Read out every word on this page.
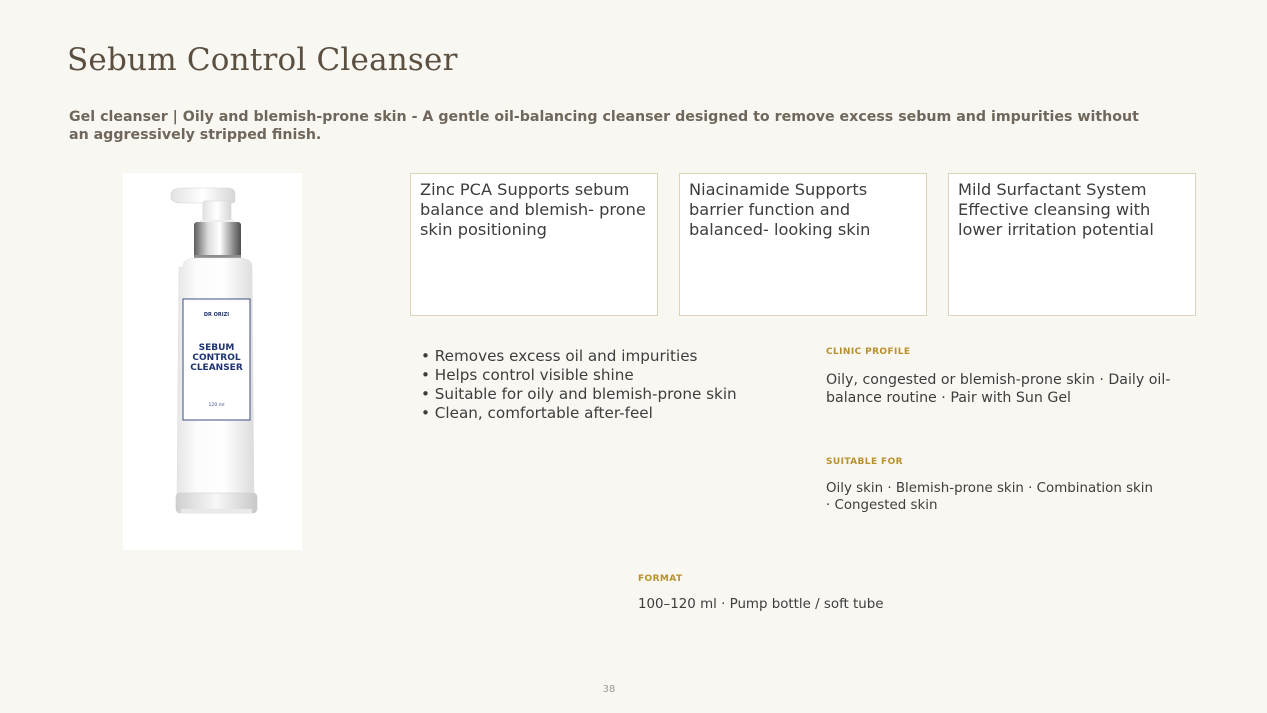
Sebum Control Cleanser

Gel cleanser | Oily and blemish-prone skin - A gentle oil-balancing cleanser designed to remove excess sebum and impurities without an aggressively stripped finish.

DR ORIZI
SEBUM
CONTROL
CLEANSER
120 ml
Zinc PCA Supports sebum balance and blemish- prone skin positioning
Niacinamide Supports barrier function and balanced- looking skin
Mild Surfactant System Effective cleansing with lower irritation potential
• Removes excess oil and impurities
• Helps control visible shine
• Suitable for oily and blemish-prone skin
• Clean, comfortable after-feel
CLINIC PROFILE
Oily, congested or blemish-prone skin · Daily oil-balance routine · Pair with Sun Gel
SUITABLE FOR
Oily skin · Blemish-prone skin · Combination skin · Congested skin
FORMAT
100–120 ml · Pump bottle / soft tube
38
